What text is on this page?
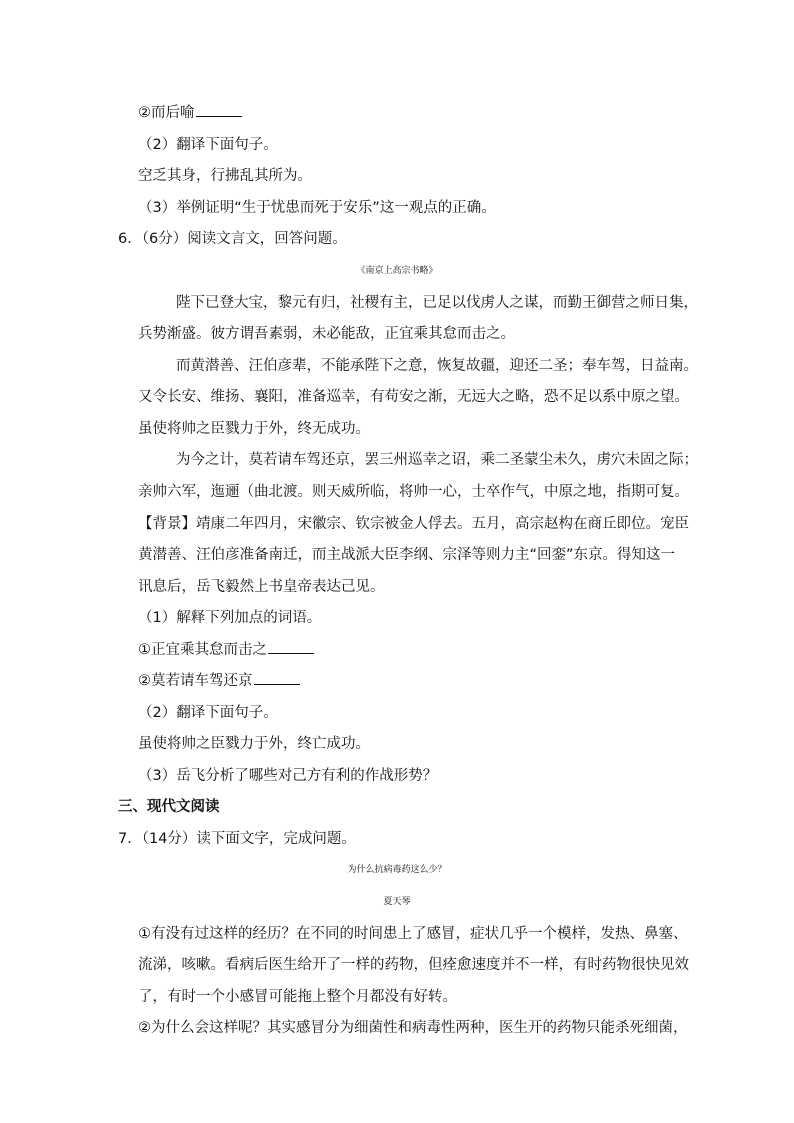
②而后喻
（2）翻译下面句子。
空乏其身，行拂乱其所为。
（3）举例证明“生于忧患而死于安乐”这一观点的正确。
6．（6分）阅读文言文，回答问题。
《南京上高宗书略》
陛下已登大宝，黎元有归，社稷有主，已足以伐虏人之谋，而勤王御营之师日集，
兵势渐盛。彼方谓吾素弱，未必能敌，正宜乘其怠而击之。
而黄潜善、汪伯彦辈，不能承陛下之意，恢复故疆，迎还二圣；奉车驾，日益南。
又令长安、维扬、襄阳，准备巡幸，有苟安之渐，无远大之略，恐不足以系中原之望。
虽使将帅之臣戮力于外，终无成功。
为今之计，莫若请车驾还京，罢三州巡幸之诏，乘二圣蒙尘未久，虏穴未固之际；
亲帅六军，迤逦（曲北渡。则天威所临，将帅一心，士卒作气，中原之地，指期可复。
【背景】靖康二年四月，宋徽宗、钦宗被金人俘去。五月，高宗赵构在商丘即位。宠臣
黄潜善、汪伯彦准备南迁，而主战派大臣李纲、宗泽等则力主“回銮”东京。得知这一
讯息后，岳飞毅然上书皇帝表达己见。
（1）解释下列加点的词语。
①正宜乘其怠而击之
②莫若请车驾还京
（2）翻译下面句子。
虽使将帅之臣戮力于外，终亡成功。
（3）岳飞分析了哪些对己方有利的作战形势？
三、现代文阅读
7．（14分）读下面文字，完成问题。
为什么抗病毒药这么少？
夏天琴
①有没有过这样的经历？在不同的时间患上了感冒，症状几乎一个模样，发热、鼻塞、
流涕，咳嗽。看病后医生给开了一样的药物，但痊愈速度并不一样，有时药物很快见效
了，有时一个小感冒可能拖上整个月都没有好转。
②为什么会这样呢？其实感冒分为细菌性和病毒性两种，医生开的药物只能杀死细菌，
